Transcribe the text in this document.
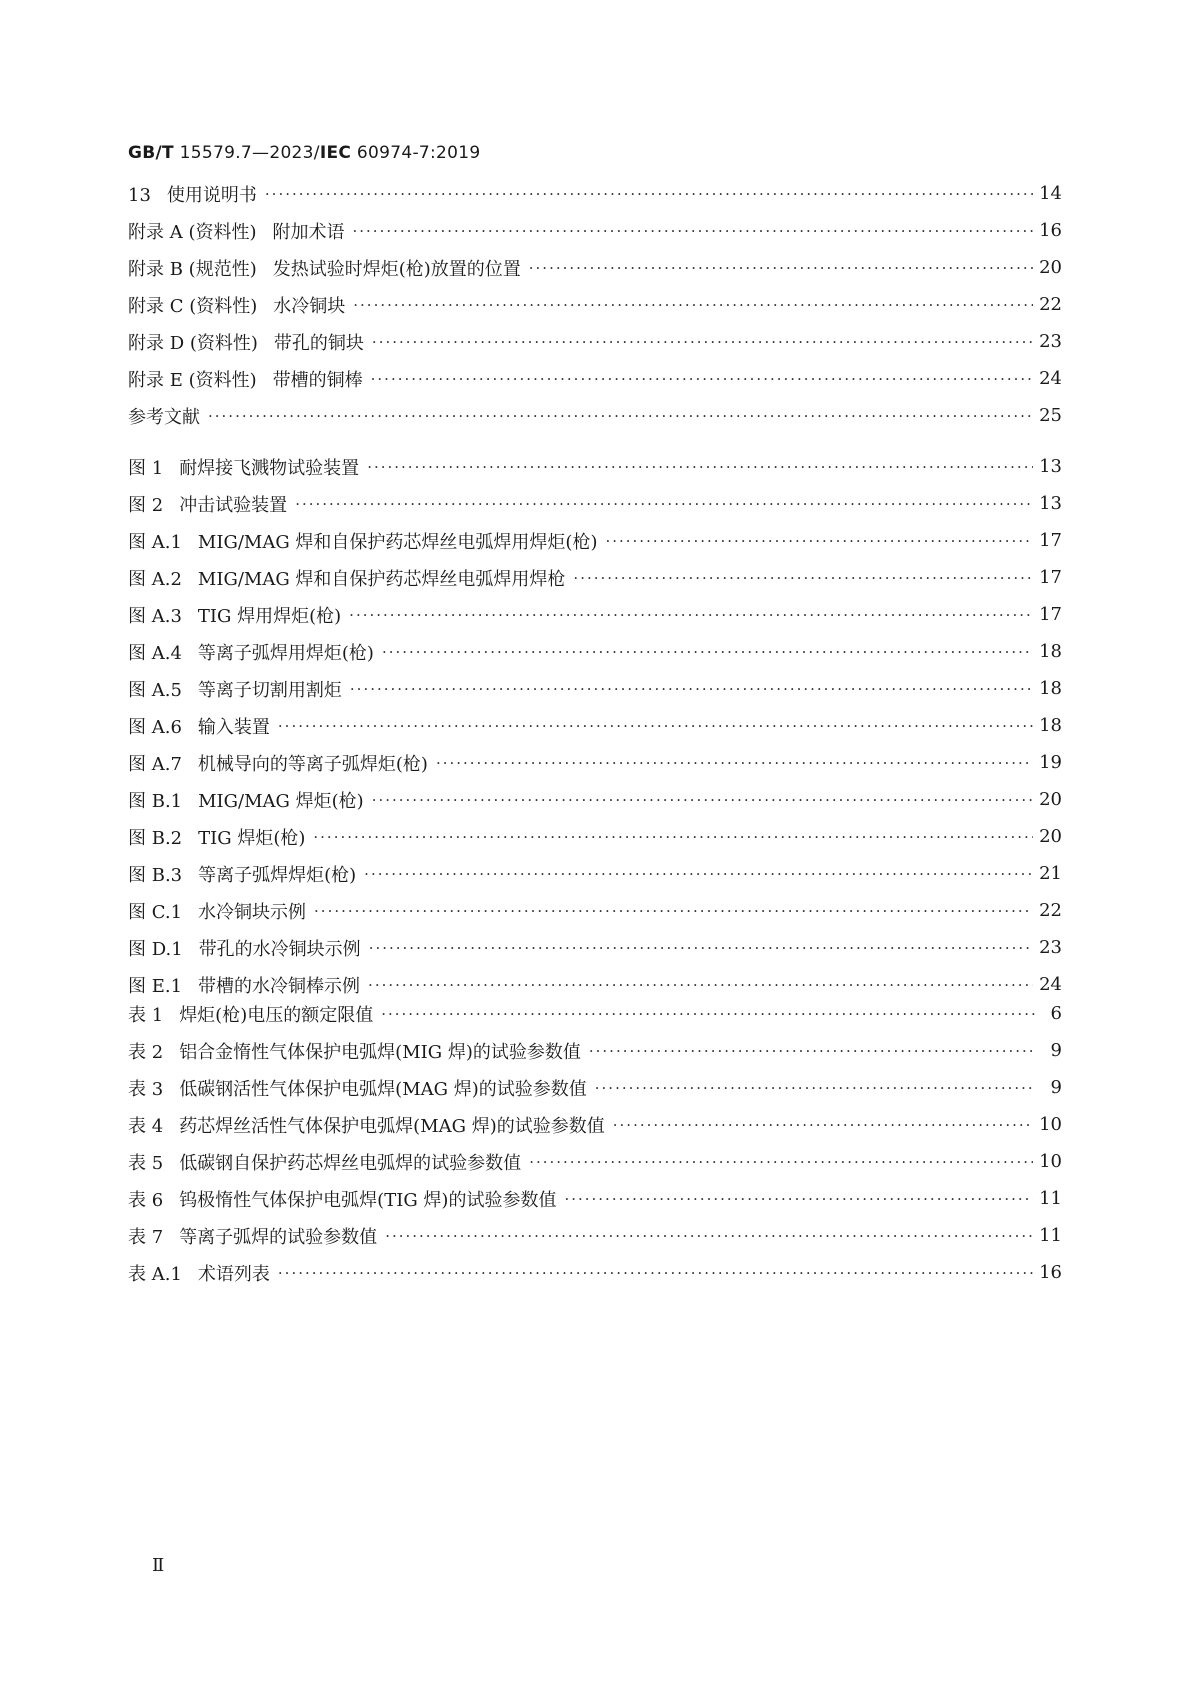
GB/T 15579.7—2023/IEC 60974-7:2019
13 使用说明书 ·····	14
附录 A (资料性) 附加术语 ·····	16
附录 B (规范性) 发热试验时焊炬(枪)放置的位置 ·····	20
附录 C (资料性) 水冷铜块 ·····	22
附录 D (资料性) 带孔的铜块 ·····	23
附录 E (资料性) 带槽的铜棒 ·····	24
参考文献 ·····	25
图 1 耐焊接飞溅物试验装置 ·····	13
图 2 冲击试验装置 ·····	13
图 A.1 MIG/MAG 焊和自保护药芯焊丝电弧焊用焊炬(枪) ·····	17
图 A.2 MIG/MAG 焊和自保护药芯焊丝电弧焊用焊枪 ·····	17
图 A.3 TIG 焊用焊炬(枪) ·····	17
图 A.4 等离子弧焊用焊炬(枪) ·····	18
图 A.5 等离子切割用割炬 ·····	18
图 A.6 输入装置 ·····	18
图 A.7 机械导向的等离子弧焊炬(枪) ·····	19
图 B.1 MIG/MAG 焊炬(枪) ·····	20
图 B.2 TIG 焊炬(枪) ·····	20
图 B.3 等离子弧焊焊炬(枪) ·····	21
图 C.1 水冷铜块示例 ·····	22
图 D.1 带孔的水冷铜块示例 ·····	23
图 E.1 带槽的水冷铜棒示例 ·····	24
表 1 焊炬(枪)电压的额定限值 ·····	6
表 2 铝合金惰性气体保护电弧焊(MIG 焊)的试验参数值 ·····	9
表 3 低碳钢活性气体保护电弧焊(MAG 焊)的试验参数值 ·····	9
表 4 药芯焊丝活性气体保护电弧焊(MAG 焊)的试验参数值 ·····	10
表 5 低碳钢自保护药芯焊丝电弧焊的试验参数值 ·····	10
表 6 钨极惰性气体保护电弧焊(TIG 焊)的试验参数值 ·····	11
表 7 等离子弧焊的试验参数值 ·····	11
表 A.1 术语列表 ·····	16
Ⅱ
